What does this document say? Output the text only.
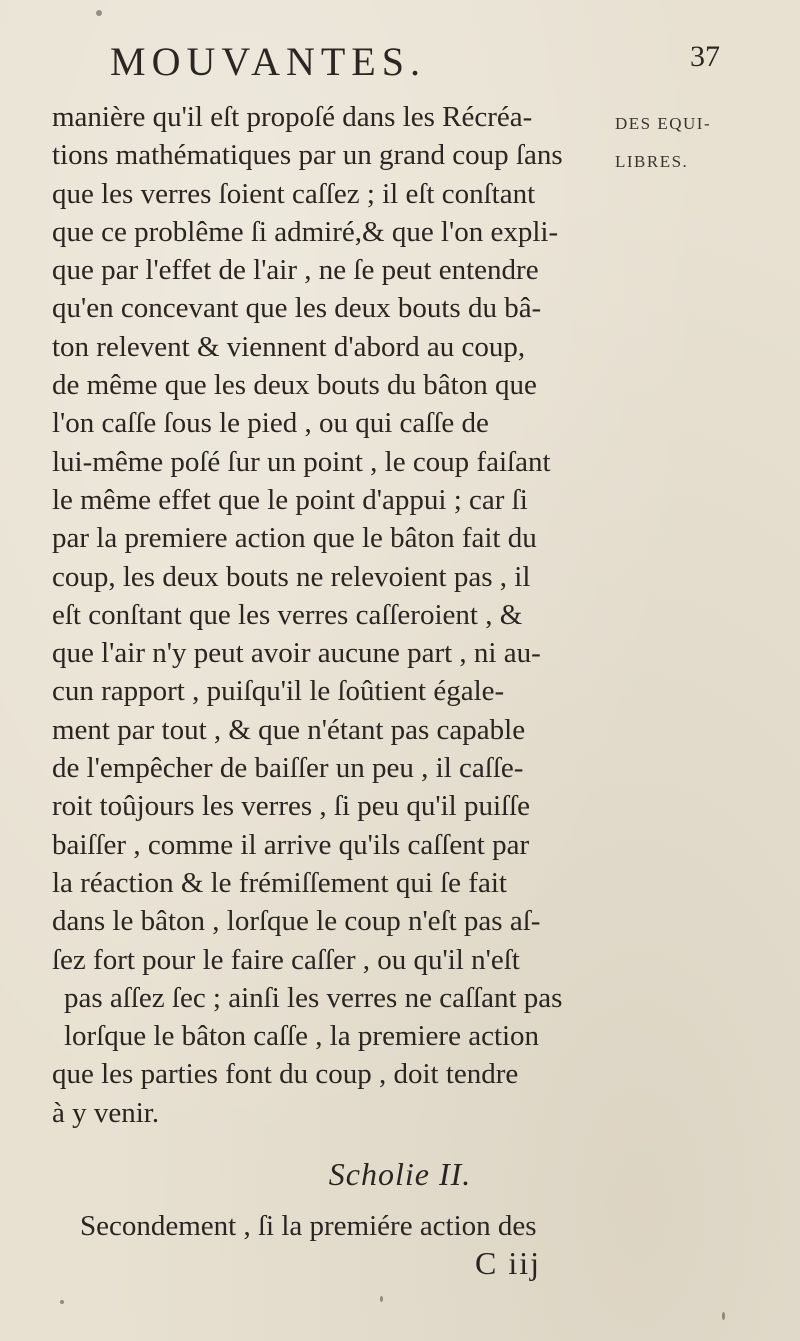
MOUVANTES.	37
DES EQUI-
LIBRES.
manière qu'il eſt propoſé dans les Récréa-
tions mathématiques par un grand coup ſans
que les verres ſoient caſſez ; il eſt conſtant
que ce problême ſi admiré,& que l'on expli-
que par l'effet de l'air , ne ſe peut entendre
qu'en concevant que les deux bouts du bâ-
ton relevent & viennent d'abord au coup,
de même que les deux bouts du bâton que
l'on caſſe ſous le pied , ou qui caſſe de
lui-même poſé ſur un point , le coup faiſant
le même effet que le point d'appui ; car ſi
par la premiere action que le bâton fait du
coup, les deux bouts ne relevoient pas , il
eſt conſtant que les verres caſſeroient , &
que l'air n'y peut avoir aucune part , ni au-
cun rapport , puiſqu'il le ſoûtient égale-
ment par tout , & que n'étant pas capable
de l'empêcher de baiſſer un peu , il caſſe-
roit toûjours les verres , ſi peu qu'il puiſſe
baiſſer , comme il arrive qu'ils caſſent par
la réaction & le frémiſſement qui ſe fait
dans le bâton , lorſque le coup n'eſt pas aſ-
ſez fort pour le faire caſſer , ou qu'il n'eſt
pas aſſez ſec ; ainſi les verres ne caſſant pas
lorſque le bâton caſſe , la premiere action
que les parties font du coup , doit tendre
à y venir.
Scholie II.
Secondement , ſi la premiére action des
C iij
